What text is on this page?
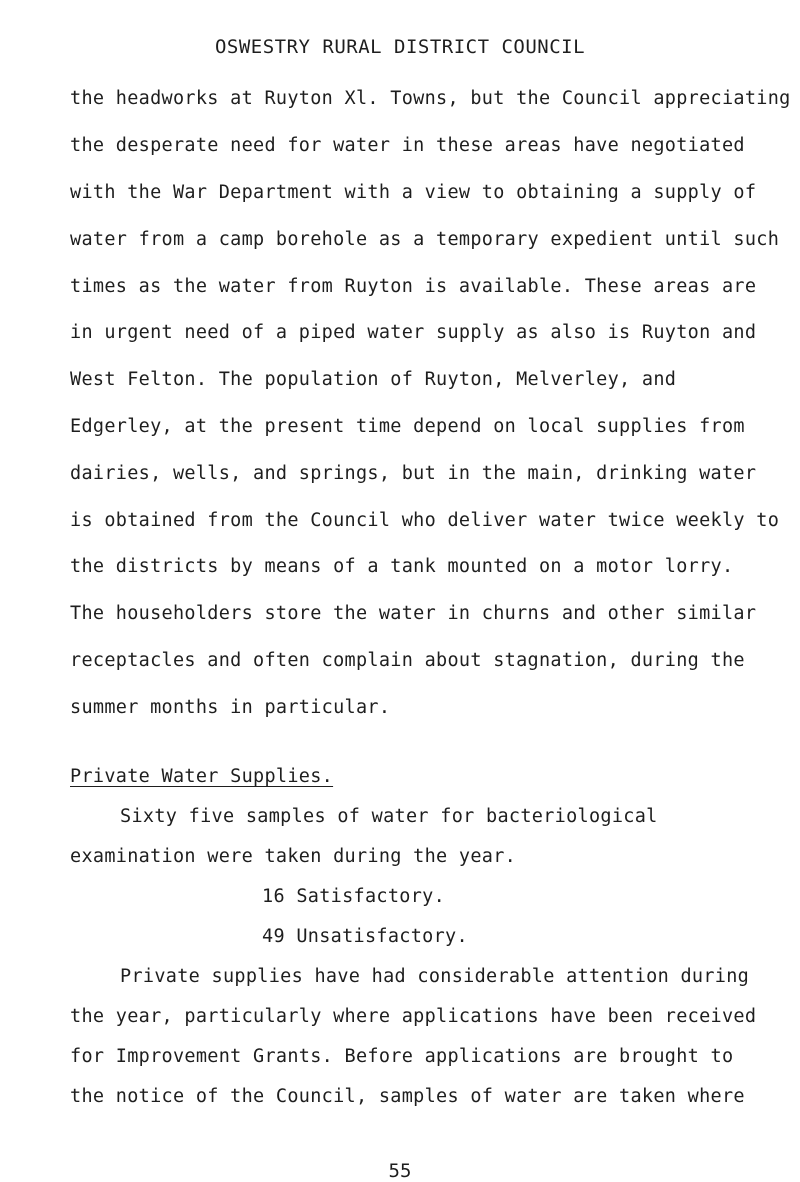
OSWESTRY RURAL DISTRICT COUNCIL
the headworks at Ruyton Xl. Towns, but the Council appreciating
the desperate need for water in these areas have negotiated
with the War Department with a view to obtaining a supply of
water from a camp borehole as a temporary expedient until such
times as the water from Ruyton is available. These areas are
in urgent need of a piped water supply as also is Ruyton and
West Felton. The population of Ruyton, Melverley, and
Edgerley, at the present time depend on local supplies from
dairies, wells, and springs, but in the main, drinking water
is obtained from the Council who deliver water twice weekly to
the districts by means of a tank mounted on a motor lorry.
The householders store the water in churns and other similar
receptacles and often complain about stagnation, during the
summer months in particular.
Private Water Supplies.
Sixty five samples of water for bacteriological
examination were taken during the year.
16 Satisfactory.
49 Unsatisfactory.
Private supplies have had considerable attention during
the year, particularly where applications have been received
for Improvement Grants. Before applications are brought to
the notice of the Council, samples of water are taken where
55
